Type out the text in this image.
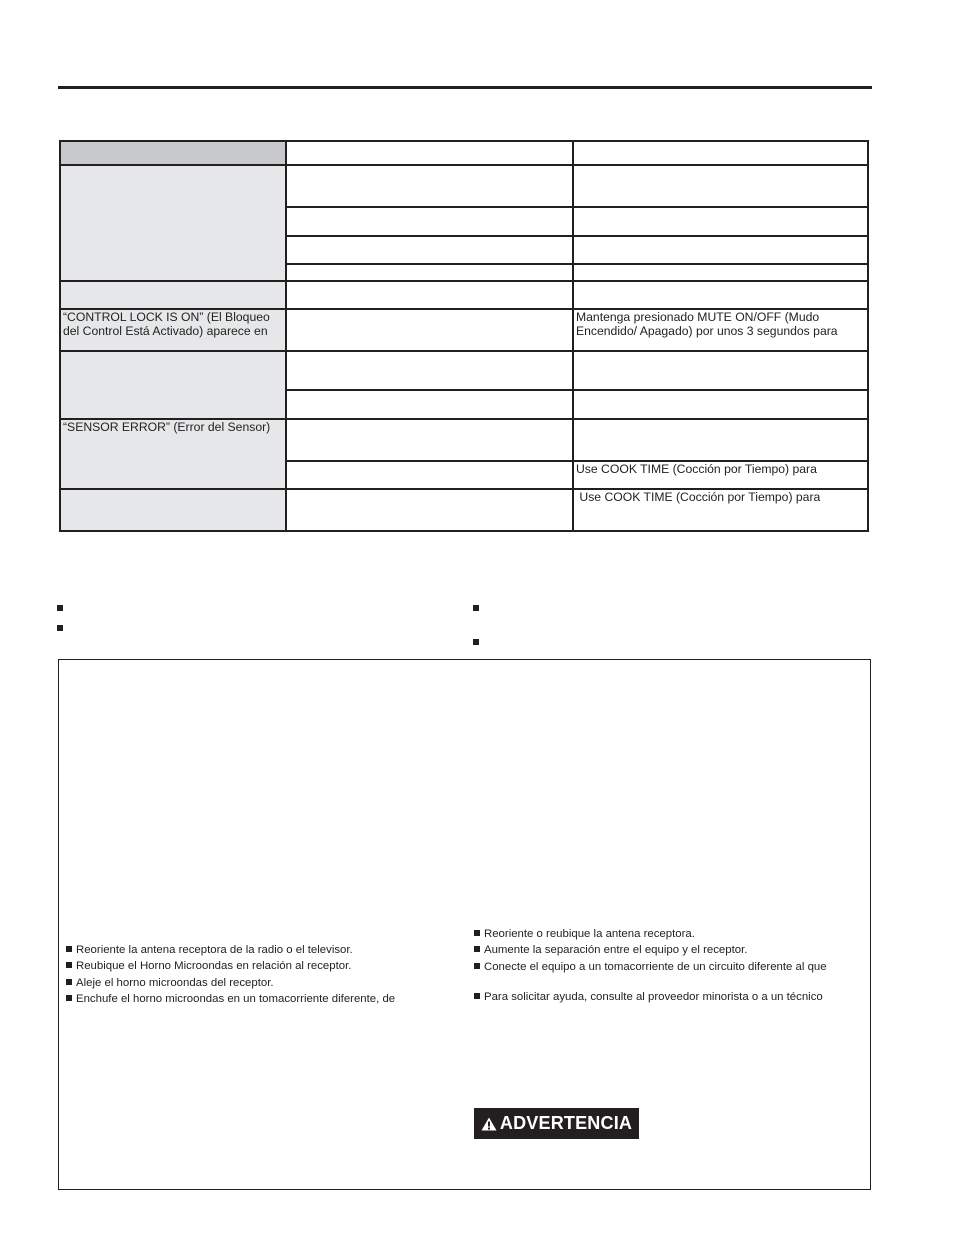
“CONTROL LOCK IS ON” (El Bloqueo del Control Está Activado) aparece en		Mantenga presionado MUTE ON/OFF (Mudo Encendido/ Apagado) por unos 3 segundos para

“SENSOR ERROR” (Error del Sensor)		
		Use COOK TIME (Cocción por Tiempo) para
		Use COOK TIME (Cocción por Tiempo) para
Reoriente la antena receptora de la radio o el televisor.
Reubique el Horno Microondas en relación al receptor.
Aleje el horno microondas del receptor.
Enchufe el horno microondas en un tomacorriente diferente, de
Reoriente o reubique la antena receptora.
Aumente la separación entre el equipo y el receptor.
Conecte el equipo a un tomacorriente de un circuito diferente al que
Para solicitar ayuda, consulte al proveedor minorista o a un técnico
ADVERTENCIA
